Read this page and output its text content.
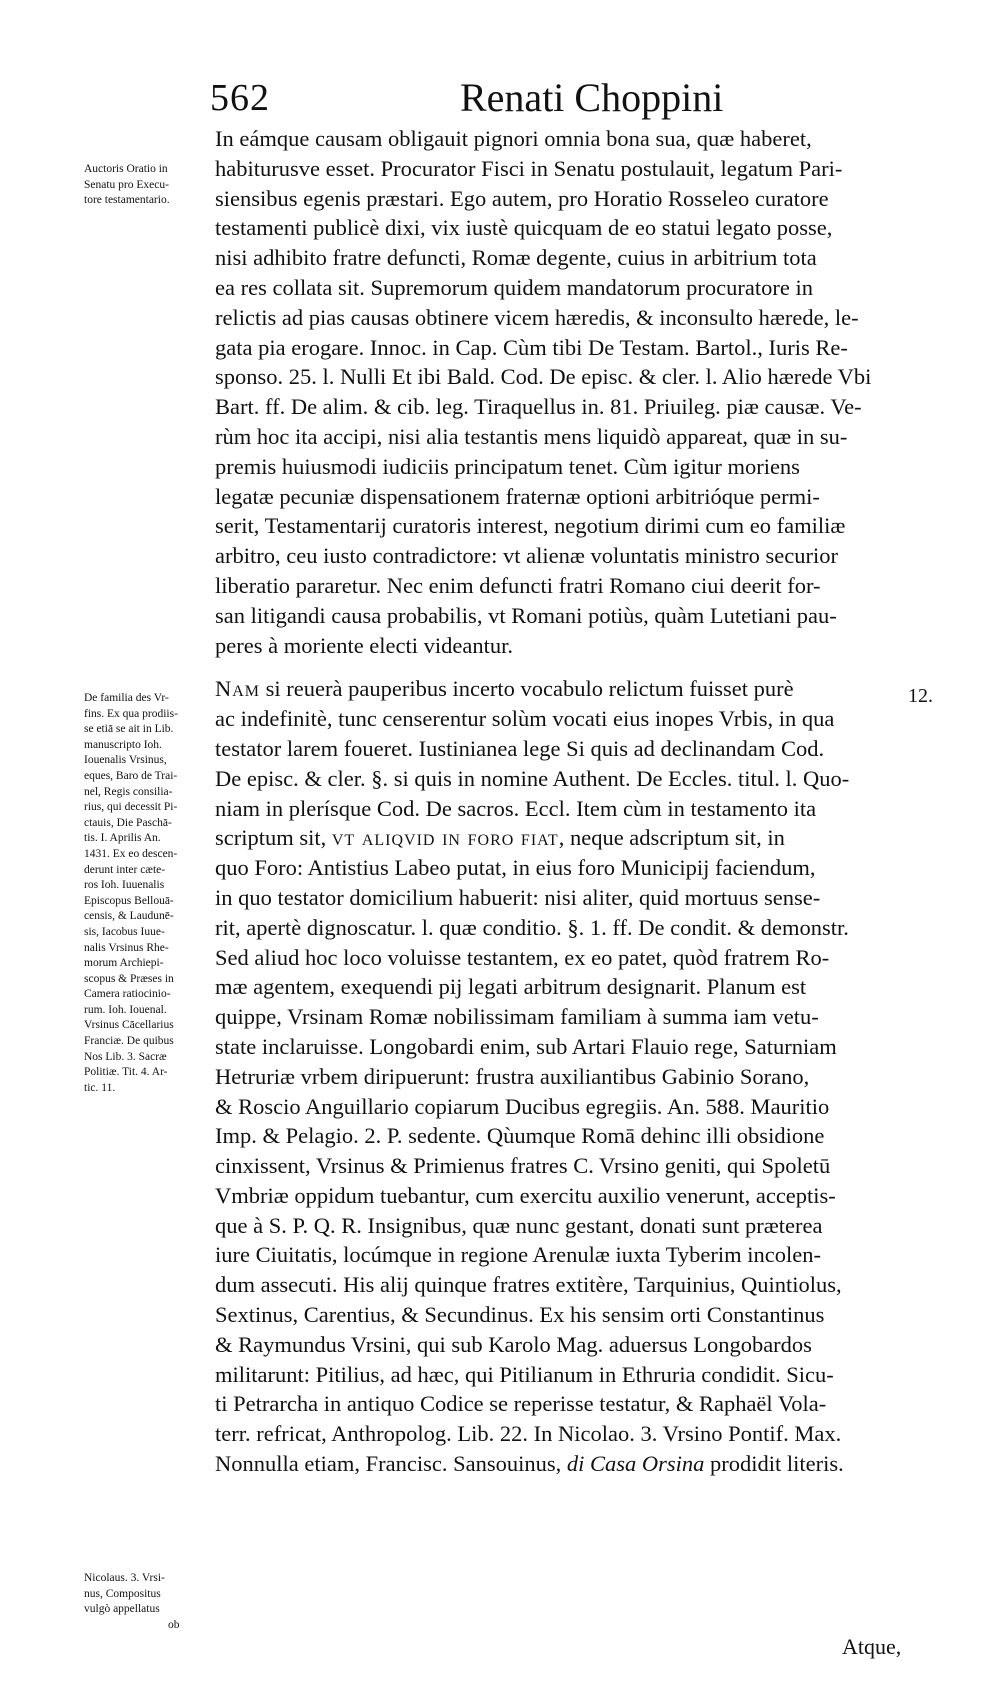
562	Renati Choppini
Auctoris Oratio in
Senatu pro Execu-
tore testamentario.
De familia des Vr-
fins. Ex qua prodiis-
se etiā se ait in Lib.
manuscripto Ioh.
Iouenalis Vrsinus,
eques, Baro de Trai-
nel, Regis consilia-
rius, qui decessit Pi-
ctauis, Die Paschā-
tis. I. Aprilis An.
1431. Ex eo descen-
derunt inter cæte-
ros Ioh. Iuuenalis
Episcopus Bellouā-
censis, & Laudunē-
sis, Iacobus Iuue-
nalis Vrsinus Rhe-
morum Archiepi-
scopus & Præses in
Camera ratiocinio-
rum. Ioh. Iouenal.
Vrsinus Cācellarius
Franciæ. De quibus
Nos Lib. 3. Sacræ
Politiæ. Tit. 4. Ar-
tic. 11.
Nicolaus. 3. Vrsi-
nus, Compositus
vulgò appellatus
ob
12.
In eámque causam obligauit pignori omnia bona sua, quæ haberet,
habiturusve esset. Procurator Fisci in Senatu postulauit, legatum Pari-
siensibus egenis præstari. Ego autem, pro Horatio Rosseleo curatore
testamenti publicè dixi, vix iustè quicquam de eo statui legato posse,
nisi adhibito fratre defuncti, Romæ degente, cuius in arbitrium tota
ea res collata sit. Supremorum quidem mandatorum procuratore in
relictis ad pias causas obtinere vicem hæredis, & inconsulto hærede, le-
gata pia erogare. Innoc. in Cap. Cùm tibi De Testam. Bartol., Iuris Re-
sponso. 25. l. Nulli Et ibi Bald. Cod. De episc. & cler. l. Alio hærede Vbi
Bart. ff. De alim. & cib. leg. Tiraquellus in. 81. Priuileg. piæ causæ. Ve-
rùm hoc ita accipi, nisi alia testantis mens liquidò appareat, quæ in su-
premis huiusmodi iudiciis principatum tenet. Cùm igitur moriens
legatæ pecuniæ dispensationem fraternæ optioni arbitrióque permi-
serit, Testamentarij curatoris interest, negotium dirimi cum eo familiæ
arbitro, ceu iusto contradictore: vt alienæ voluntatis ministro securior
liberatio pararetur. Nec enim defuncti fratri Romano ciui deerit for-
san litigandi causa probabilis, vt Romani potiùs, quàm Lutetiani pau-
peres à moriente electi videantur.
Nam si reuerà pauperibus incerto vocabulo relictum fuisset purè
ac indefinitè, tunc censerentur solùm vocati eius inopes Vrbis, in qua
testator larem foueret. Iustinianea lege Si quis ad declinandam Cod.
De episc. & cler. §. si quis in nomine Authent. De Eccles. titul. l. Quo-
niam in plerísque Cod. De sacros. Eccl. Item cùm in testamento ita
scriptum sit, vt aliqvid in foro fiat, neque adscriptum sit, in
quo Foro: Antistius Labeo putat, in eius foro Municipij faciendum,
in quo testator domicilium habuerit: nisi aliter, quid mortuus sense-
rit, apertè dignoscatur. l. quæ conditio. §. 1. ff. De condit. & demonstr.
Sed aliud hoc loco voluisse testantem, ex eo patet, quòd fratrem Ro-
mæ agentem, exequendi pij legati arbitrum designarit. Planum est
quippe, Vrsinam Romæ nobilissimam familiam à summa iam vetu-
state inclaruisse. Longobardi enim, sub Artari Flauio rege, Saturniam
Hetruriæ vrbem diripuerunt: frustra auxiliantibus Gabinio Sorano,
& Roscio Anguillario copiarum Ducibus egregiis. An. 588. Mauritio
Imp. & Pelagio. 2. P. sedente. Qùumque Romā dehinc illi obsidione
cinxissent, Vrsinus & Primienus fratres C. Vrsino geniti, qui Spoletū
Vmbriæ oppidum tuebantur, cum exercitu auxilio venerunt, acceptis-
que à S. P. Q. R. Insignibus, quæ nunc gestant, donati sunt præterea
iure Ciuitatis, locúmque in regione Arenulæ iuxta Tyberim incolen-
dum assecuti. His alij quinque fratres extitère, Tarquinius, Quintiolus,
Sextinus, Carentius, & Secundinus. Ex his sensim orti Constantinus
& Raymundus Vrsini, qui sub Karolo Mag. aduersus Longobardos
militarunt: Pitilius, ad hæc, qui Pitilianum in Ethruria condidit. Sicu-
ti Petrarcha in antiquo Codice se reperisse testatur, & Raphaël Vola-
terr. refricat, Anthropolog. Lib. 22. In Nicolao. 3. Vrsino Pontif. Max.
Nonnulla etiam, Francisc. Sansouinus, di Casa Orsina prodidit literis.
Atque,
